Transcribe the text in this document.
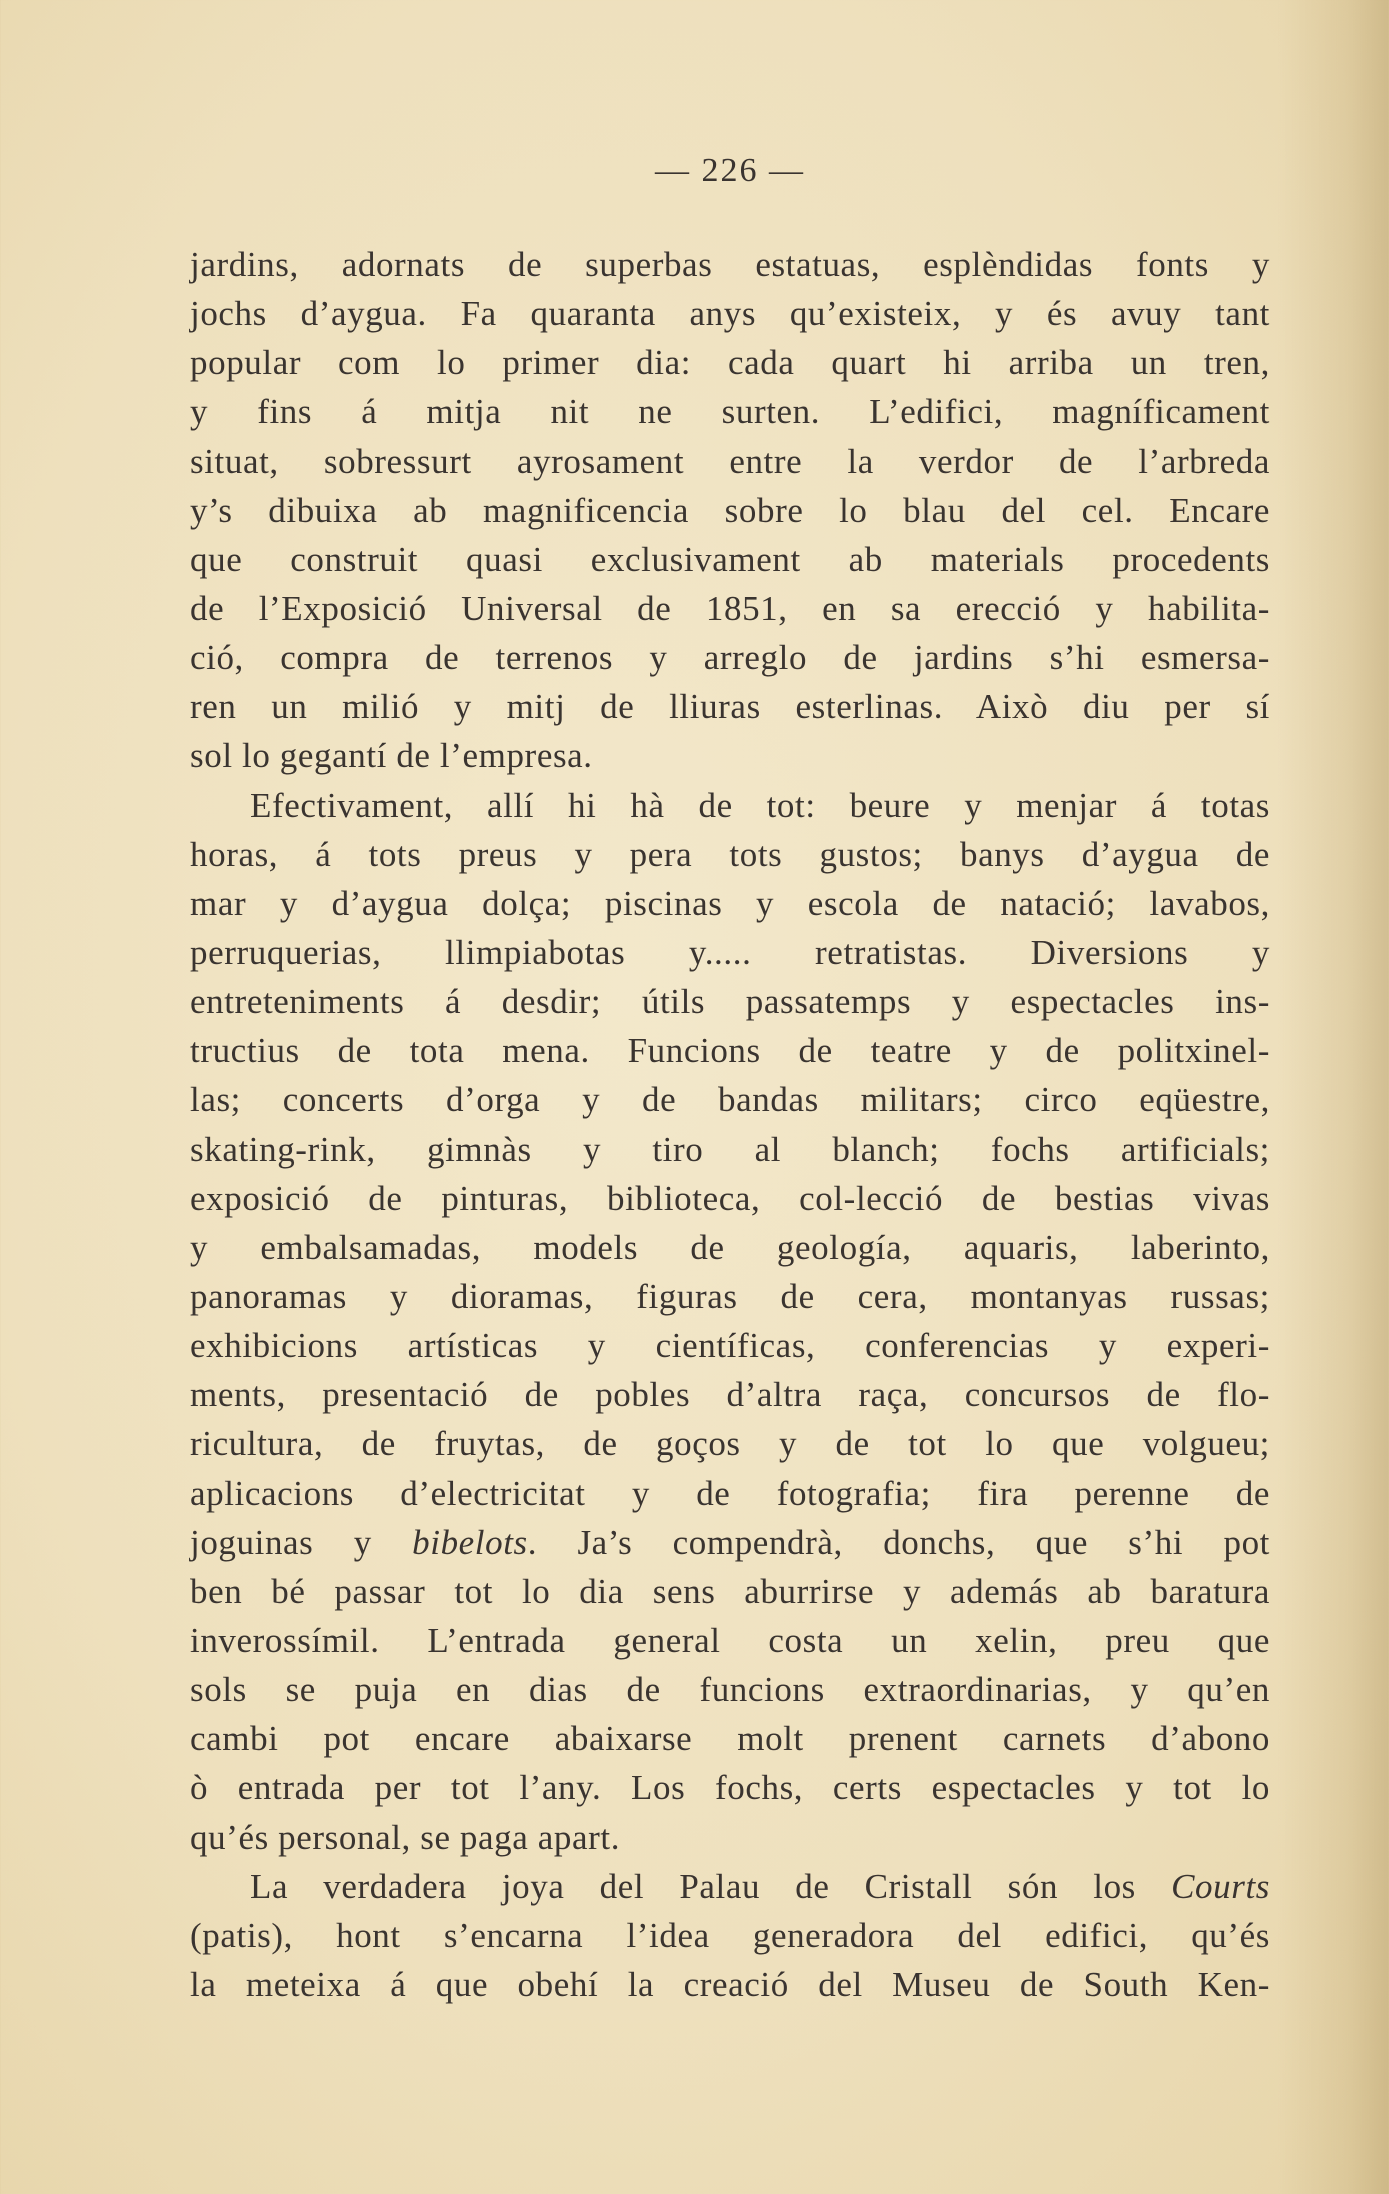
— 226 —
jardins, adornats de superbas estatuas, esplèndidas fonts y
jochs d’aygua. Fa quaranta anys qu’existeix, y és avuy tant
popular com lo primer dia: cada quart hi arriba un tren,
y fins á mitja nit ne surten. L’edifici, magníficament
situat, sobressurt ayrosament entre la verdor de l’arbreda
y’s dibuixa ab magnificencia sobre lo blau del cel. Encare
que construit quasi exclusivament ab materials procedents
de l’Exposició Universal de 1851, en sa erecció y habilita-
ció, compra de terrenos y arreglo de jardins s’hi esmersa-
ren un milió y mitj de lliuras esterlinas. Això diu per sí
sol lo gegantí de l’empresa.
Efectivament, allí hi hà de tot: beure y menjar á totas
horas, á tots preus y pera tots gustos; banys d’aygua de
mar y d’aygua dolça; piscinas y escola de natació; lavabos,
perruquerias, llimpiabotas y..... retratistas. Diversions y
entreteniments á desdir; útils passatemps y espectacles ins-
tructius de tota mena. Funcions de teatre y de politxinel-
las; concerts d’orga y de bandas militars; circo eqüestre,
skating-rink, gimnàs y tiro al blanch; fochs artificials;
exposició de pinturas, biblioteca, col-lecció de bestias vivas
y embalsamadas, models de geología, aquaris, laberinto,
panoramas y dioramas, figuras de cera, montanyas russas;
exhibicions artísticas y científicas, conferencias y experi-
ments, presentació de pobles d’altra raça, concursos de flo-
ricultura, de fruytas, de goços y de tot lo que volgueu;
aplicacions d’electricitat y de fotografia; fira perenne de
joguinas y bibelots. Ja’s compendrà, donchs, que s’hi pot
ben bé passar tot lo dia sens aburrirse y además ab baratura
inverossímil. L’entrada general costa un xelin, preu que
sols se puja en dias de funcions extraordinarias, y qu’en
cambi pot encare abaixarse molt prenent carnets d’abono
ò entrada per tot l’any. Los fochs, certs espectacles y tot lo
qu’és personal, se paga apart.
La verdadera joya del Palau de Cristall són los Courts
(patis), hont s’encarna l’idea generadora del edifici, qu’és
la meteixa á que obehí la creació del Museu de South Ken-
